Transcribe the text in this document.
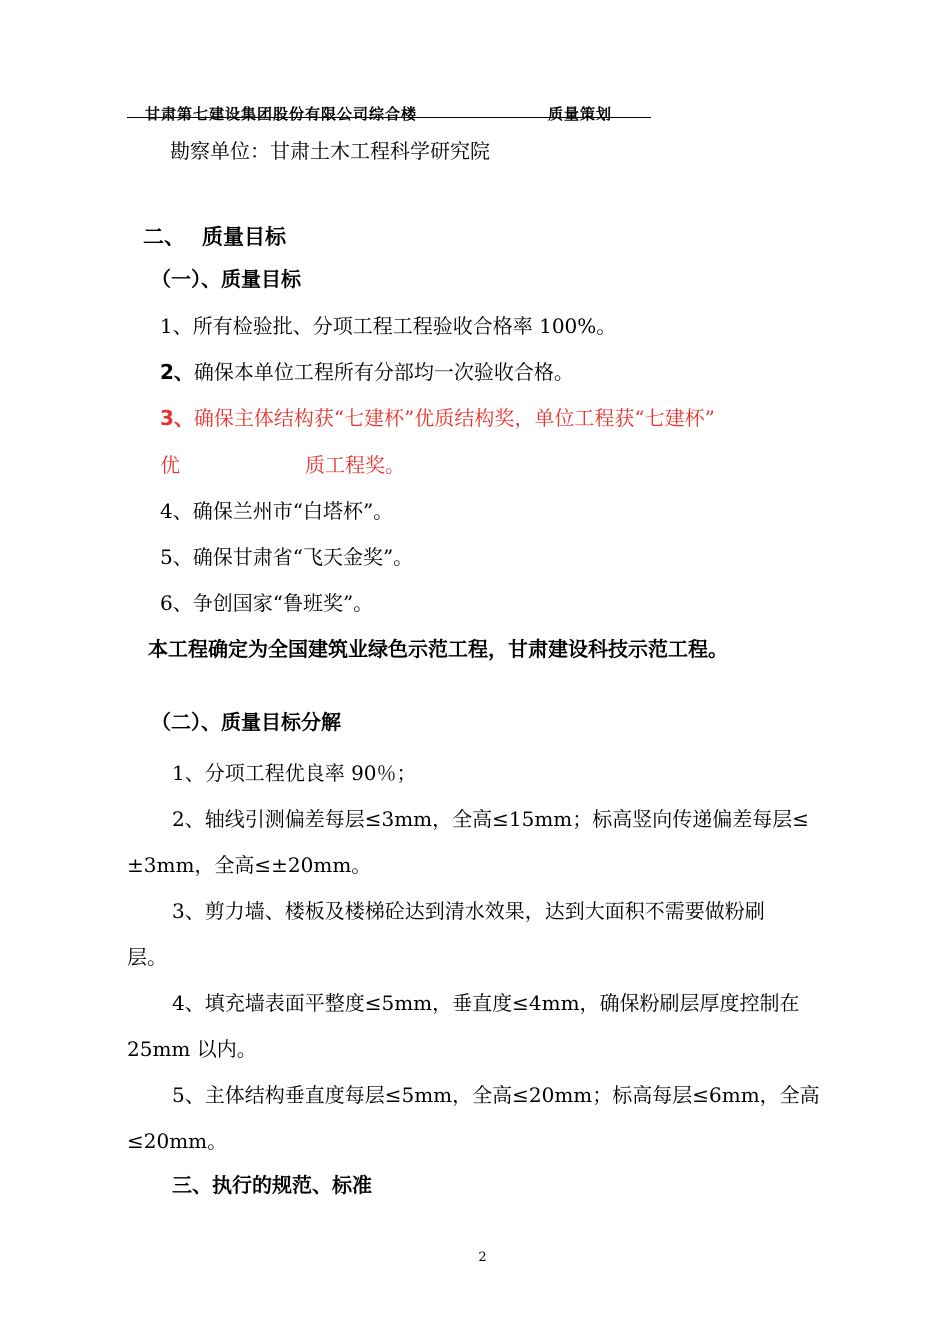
甘肃第七建设集团股份有限公司综合楼	质量策划
勘察单位：甘肃土木工程科学研究院
二、 质量目标
（一）、质量目标
1、所有检验批、分项工程工程验收合格率 100%。
2、确保本单位工程所有分部均一次验收合格。
3、确保主体结构获“七建杯”优质结构奖，单位工程获“七建杯”
优	质工程奖。
4、确保兰州市“白塔杯”。
5、确保甘肃省“飞天金奖”。
6、争创国家“鲁班奖”。
本工程确定为全国建筑业绿色示范工程，甘肃建设科技示范工程。
（二）、质量目标分解
1、分项工程优良率 90％；
2、轴线引测偏差每层≤3mm，全高≤15mm；标高竖向传递偏差每层≤
±3mm，全高≤±20mm。
3、剪力墙、楼板及楼梯砼达到清水效果，达到大面积不需要做粉刷
层。
4、填充墙表面平整度≤5mm，垂直度≤4mm，确保粉刷层厚度控制在
25mm 以内。
5、主体结构垂直度每层≤5mm，全高≤20mm；标高每层≤6mm，全高
≤20mm。
三、执行的规范、标准
2
